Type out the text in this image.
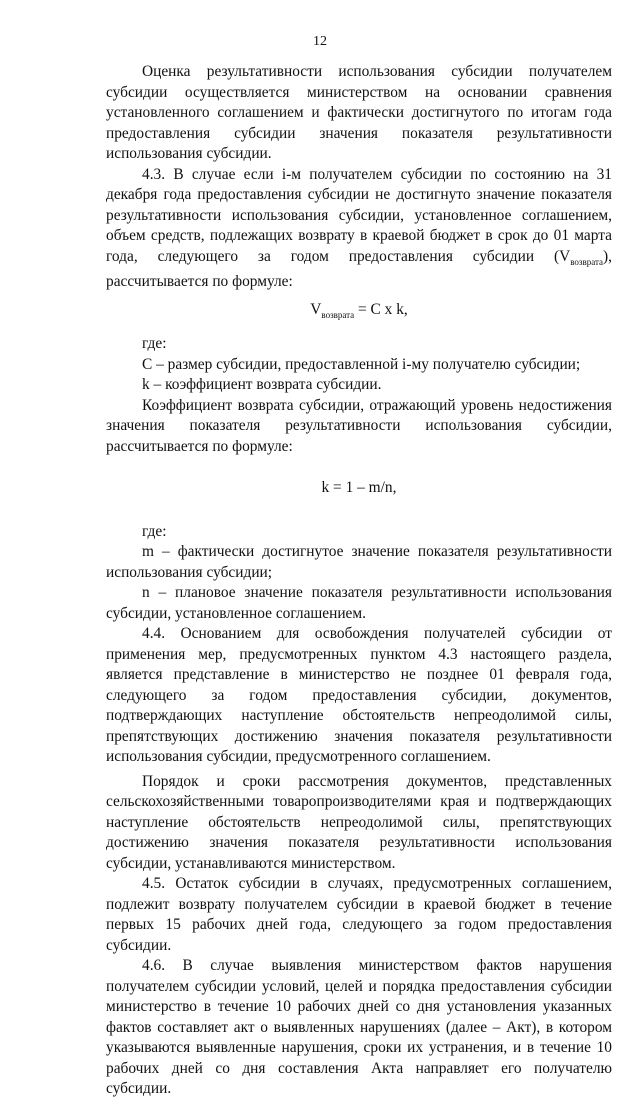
12

Оценка результативности использования субсидии получателем субсидии осуществляется министерством на основании сравнения установленного соглашением и фактически достигнутого по итогам года предоставления субсидии значения показателя результативности использования субсидии.

4.3. В случае если i-м получателем субсидии по состоянию на 31 декабря года предоставления субсидии не достигнуто значение показателя результативности использования субсидии, установленное соглашением, объем средств, подлежащих возврату в краевой бюджет в срок до 01 марта года, следующего за годом предоставления субсидии $(V_{возврата})$, рассчитывается по формуле:

$V_{возврата} = C$ x k,

где:

C – размер субсидии, предоставленной i-му получателю субсидии;

k – коэффициент возврата субсидии.

Коэффициент возврата субсидии, отражающий уровень недостижения значения показателя результативности использования субсидии, рассчитывается по формуле:

k = 1 – m/n,

где:

m – фактически достигнутое значение показателя результативности использования субсидии;

n – плановое значение показателя результативности использования субсидии, установленное соглашением.

4.4. Основанием для освобождения получателей субсидии от применения мер, предусмотренных пунктом 4.3 настоящего раздела, является представление в министерство не позднее 01 февраля года, следующего за годом предоставления субсидии, документов, подтверждающих наступление обстоятельств непреодолимой силы, препятствующих достижению значения показателя результативности использования субсидии, предусмотренного соглашением.

Порядок и сроки рассмотрения документов, представленных сельскохозяйственными товаропроизводителями края и подтверждающих наступление обстоятельств непреодолимой силы, препятствующих достижению значения показателя результативности использования субсидии, устанавливаются министерством.

4.5. Остаток субсидии в случаях, предусмотренных соглашением, подлежит возврату получателем субсидии в краевой бюджет в течение первых 15 рабочих дней года, следующего за годом предоставления субсидии.

4.6. В случае выявления министерством фактов нарушения получателем субсидии условий, целей и порядка предоставления субсидии министерство в течение 10 рабочих дней со дня установления указанных фактов составляет акт о выявленных нарушениях (далее – Акт), в котором указываются выявленные нарушения, сроки их устранения, и в течение 10 рабочих дней со дня составления Акта направляет его получателю субсидии.
